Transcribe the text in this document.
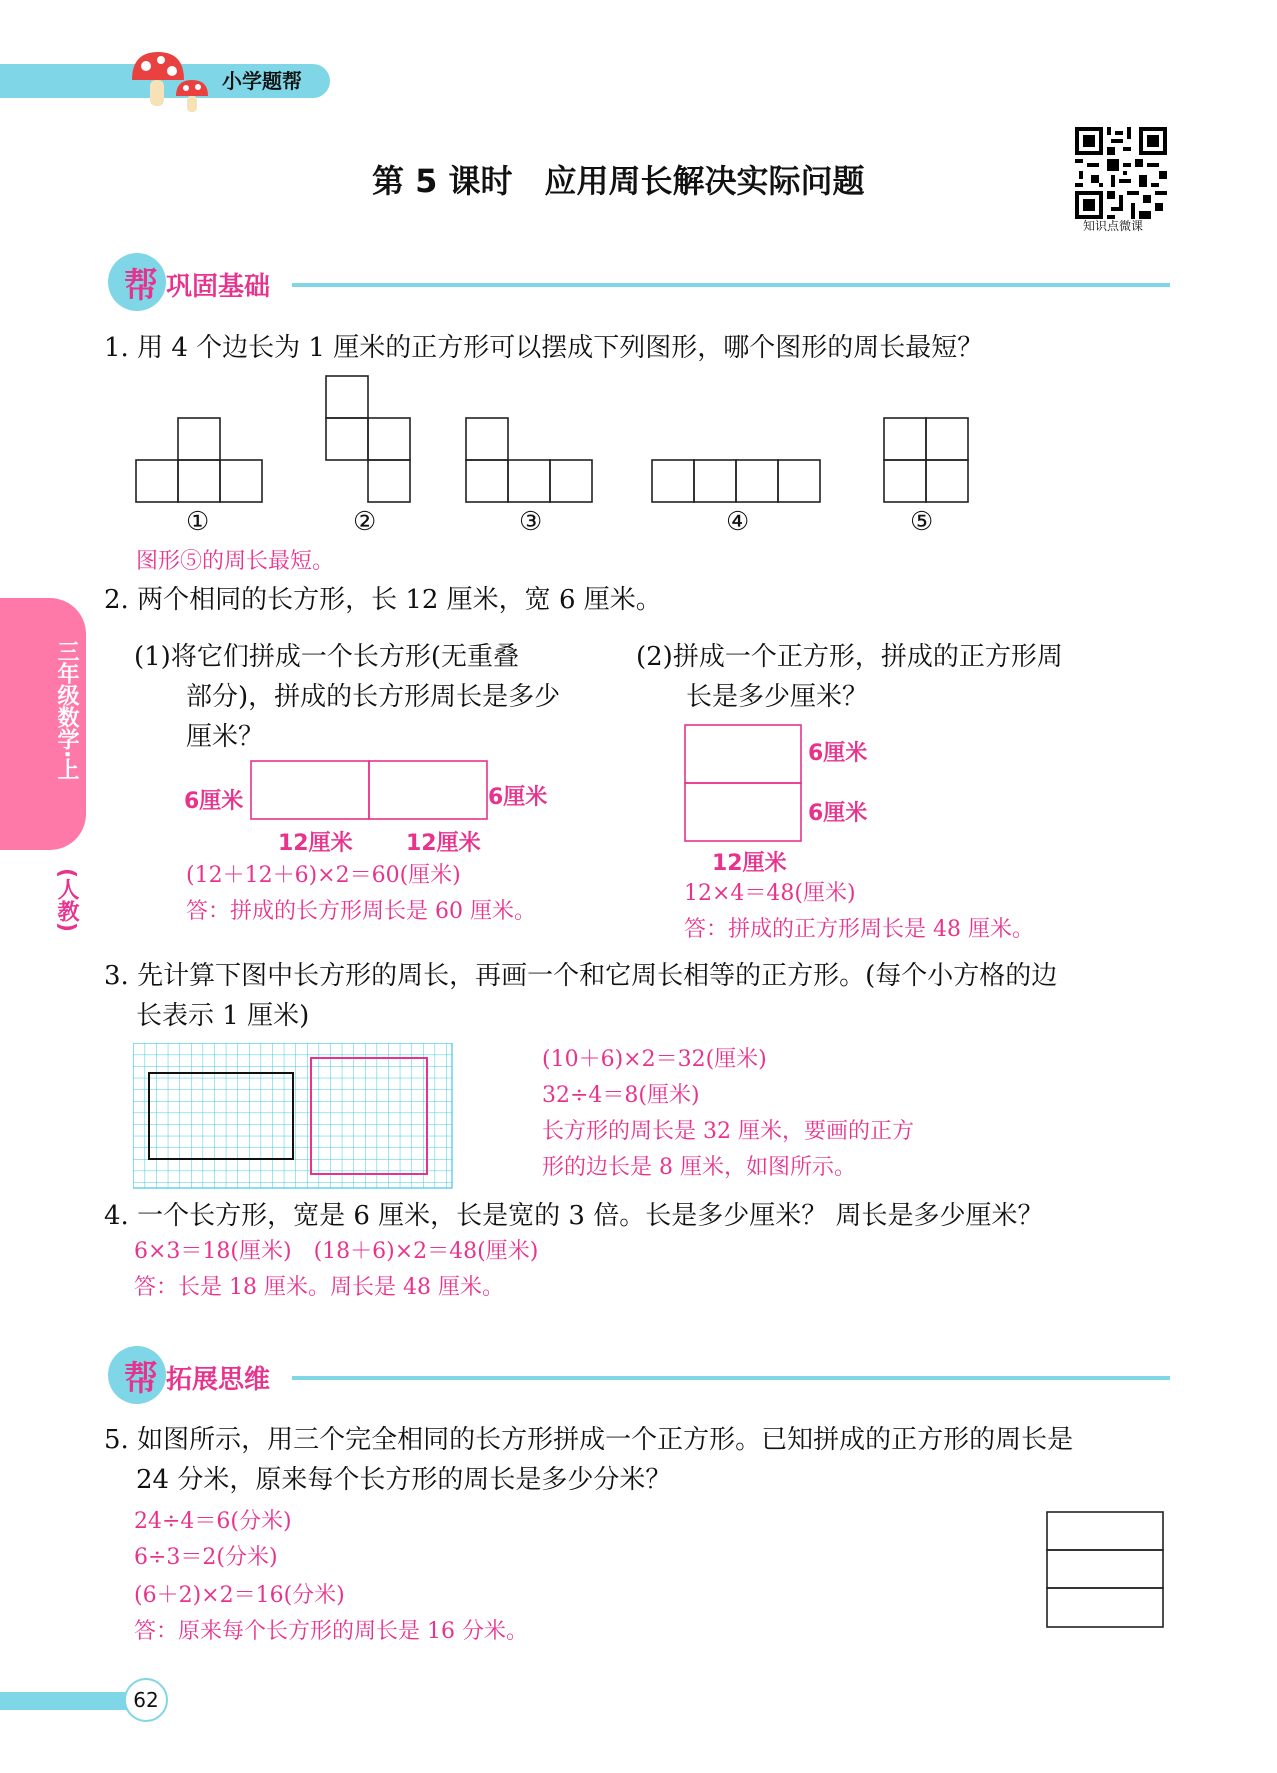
小学题帮
第 5 课时　应用周长解决实际问题
知识点微课
三年级数学·上
(人教)
帮 巩固基础
1. 用 4 个边长为 1 厘米的正方形可以摆成下列图形，哪个图形的周长最短？
①	②	③	④	⑤
图形⑤的周长最短。
2. 两个相同的长方形，长 12 厘米，宽 6 厘米。
(1)将它们拼成一个长方形(无重叠
部分)，拼成的长方形周长是多少
厘米？
6厘米	6厘米
12厘米 12厘米
(12＋12＋6)×2＝60(厘米)
答：拼成的长方形周长是 60 厘米。
(2)拼成一个正方形，拼成的正方形周
长是多少厘米？
6厘米
6厘米
12厘米
12×4＝48(厘米)
答：拼成的正方形周长是 48 厘米。
3. 先计算下图中长方形的周长，再画一个和它周长相等的正方形。(每个小方格的边
长表示 1 厘米)
(10＋6)×2＝32(厘米)
32÷4＝8(厘米)
长方形的周长是 32 厘米，要画的正方
形的边长是 8 厘米，如图所示。
4. 一个长方形，宽是 6 厘米，长是宽的 3 倍。长是多少厘米？ 周长是多少厘米？
6×3＝18(厘米)　(18＋6)×2＝48(厘米)
答：长是 18 厘米。周长是 48 厘米。
帮 拓展思维
5. 如图所示，用三个完全相同的长方形拼成一个正方形。已知拼成的正方形的周长是
24 分米，原来每个长方形的周长是多少分米？
24÷4＝6(分米)
6÷3＝2(分米)
(6＋2)×2＝16(分米)
答：原来每个长方形的周长是 16 分米。
62
